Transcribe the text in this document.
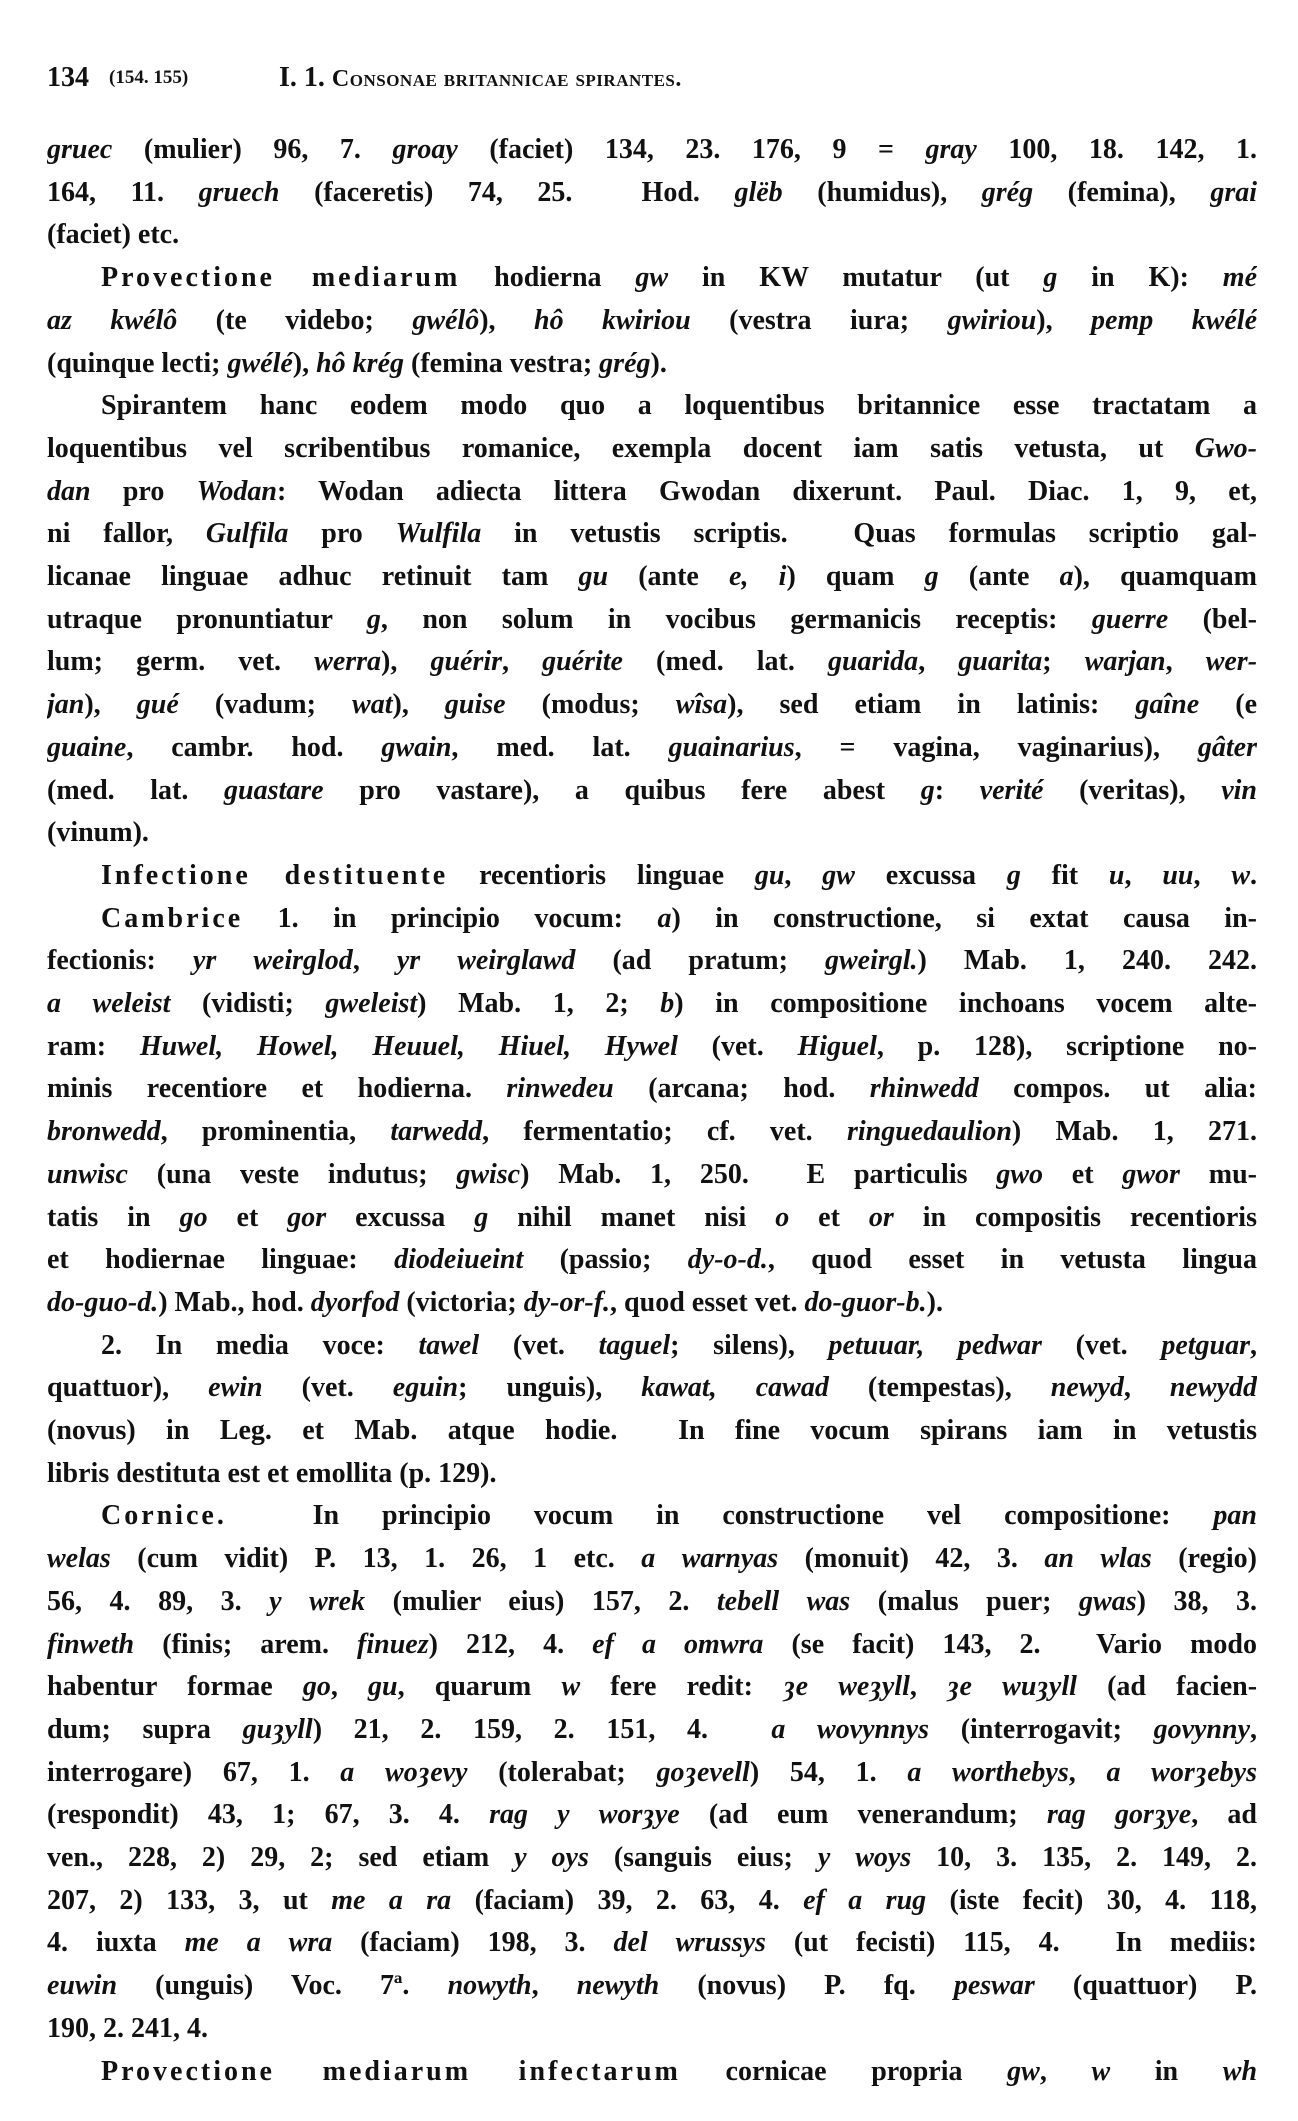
134 (154. 155)	I. 1. Consonae britannicae spirantes.
gruec (mulier) 96, 7. groay (faciet) 134, 23. 176, 9 = gray 100, 18. 142, 1.
164, 11. gruech (faceretis) 74, 25.  Hod. glëb (humidus), grég (femina), grai
(faciet) etc.
Provectione mediarum hodierna gw in KW mutatur (ut g in K): mé
az kwélô (te videbo; gwélô), hô kwiriou (vestra iura; gwiriou), pemp kwélé
(quinque lecti; gwélé), hô krég (femina vestra; grég).
Spirantem hanc eodem modo quo a loquentibus britannice esse tractatam a
loquentibus vel scribentibus romanice, exempla docent iam satis vetusta, ut Gwo-
dan pro Wodan: Wodan adiecta littera Gwodan dixerunt. Paul. Diac. 1, 9, et,
ni fallor, Gulfila pro Wulfila in vetustis scriptis.  Quas formulas scriptio gal-
licanae linguae adhuc retinuit tam gu (ante e, i) quam g (ante a), quamquam
utraque pronuntiatur g, non solum in vocibus germanicis receptis: guerre (bel-
lum; germ. vet. werra), guérir, guérite (med. lat. guarida, guarita; warjan, wer-
jan), gué (vadum; wat), guise (modus; wîsa), sed etiam in latinis: gaîne (e
guaine, cambr. hod. gwain, med. lat. guainarius, = vagina, vaginarius), gâter
(med. lat. guastare pro vastare), a quibus fere abest g: verité (veritas), vin
(vinum).
Infectione destituente recentioris linguae gu, gw excussa g fit u, uu, w.
Cambrice 1. in principio vocum: a) in constructione, si extat causa in-
fectionis: yr weirglod, yr weirglawd (ad pratum; gweirgl.) Mab. 1, 240. 242.
a weleist (vidisti; gweleist) Mab. 1, 2; b) in compositione inchoans vocem alte-
ram: Huwel, Howel, Heuuel, Hiuel, Hywel (vet. Higuel, p. 128), scriptione no-
minis recentiore et hodierna. rinwedeu (arcana; hod. rhinwedd compos. ut alia:
bronwedd, prominentia, tarwedd, fermentatio; cf. vet. ringuedaulion) Mab. 1, 271.
unwisc (una veste indutus; gwisc) Mab. 1, 250.  E particulis gwo et gwor mu-
tatis in go et gor excussa g nihil manet nisi o et or in compositis recentioris
et hodiernae linguae: diodeiueint (passio; dy-o-d., quod esset in vetusta lingua
do-guo-d.) Mab., hod. dyorfod (victoria; dy-or-f., quod esset vet. do-guor-b.).
2. In media voce: tawel (vet. taguel; silens), petuuar, pedwar (vet. petguar,
quattuor), ewin (vet. eguin; unguis), kawat, cawad (tempestas), newyd, newydd
(novus) in Leg. et Mab. atque hodie.  In fine vocum spirans iam in vetustis
libris destituta est et emollita (p. 129).
Cornice.  In principio vocum in constructione vel compositione: pan
welas (cum vidit) P. 13, 1. 26, 1 etc. a warnyas (monuit) 42, 3. an wlas (regio)
56, 4. 89, 3. y wrek (mulier eius) 157, 2. tebell was (malus puer; gwas) 38, 3.
finweth (finis; arem. finuez) 212, 4. ef a omwra (se facit) 143, 2.  Vario modo
habentur formae go, gu, quarum w fere redit: ȝe weȝyll, ȝe wuȝyll (ad facien-
dum; supra guȝyll) 21, 2. 159, 2. 151, 4.  a wovynnys (interrogavit; govynny,
interrogare) 67, 1. a woȝevy (tolerabat; goȝevell) 54, 1. a worthebys, a worȝebys
(respondit) 43, 1; 67, 3. 4. rag y worȝye (ad eum venerandum; rag gorȝye, ad
ven., 228, 2) 29, 2; sed etiam y oys (sanguis eius; y woys 10, 3. 135, 2. 149, 2.
207, 2) 133, 3, ut me a ra (faciam) 39, 2. 63, 4. ef a rug (iste fecit) 30, 4. 118,
4. iuxta me a wra (faciam) 198, 3. del wrussys (ut fecisti) 115, 4.  In mediis:
euwin (unguis) Voc. 7ª. nowyth, newyth (novus) P. fq. peswar (quattuor) P.
190, 2. 241, 4.
Provectione mediarum infectarum cornicae propria gw, w in wh
